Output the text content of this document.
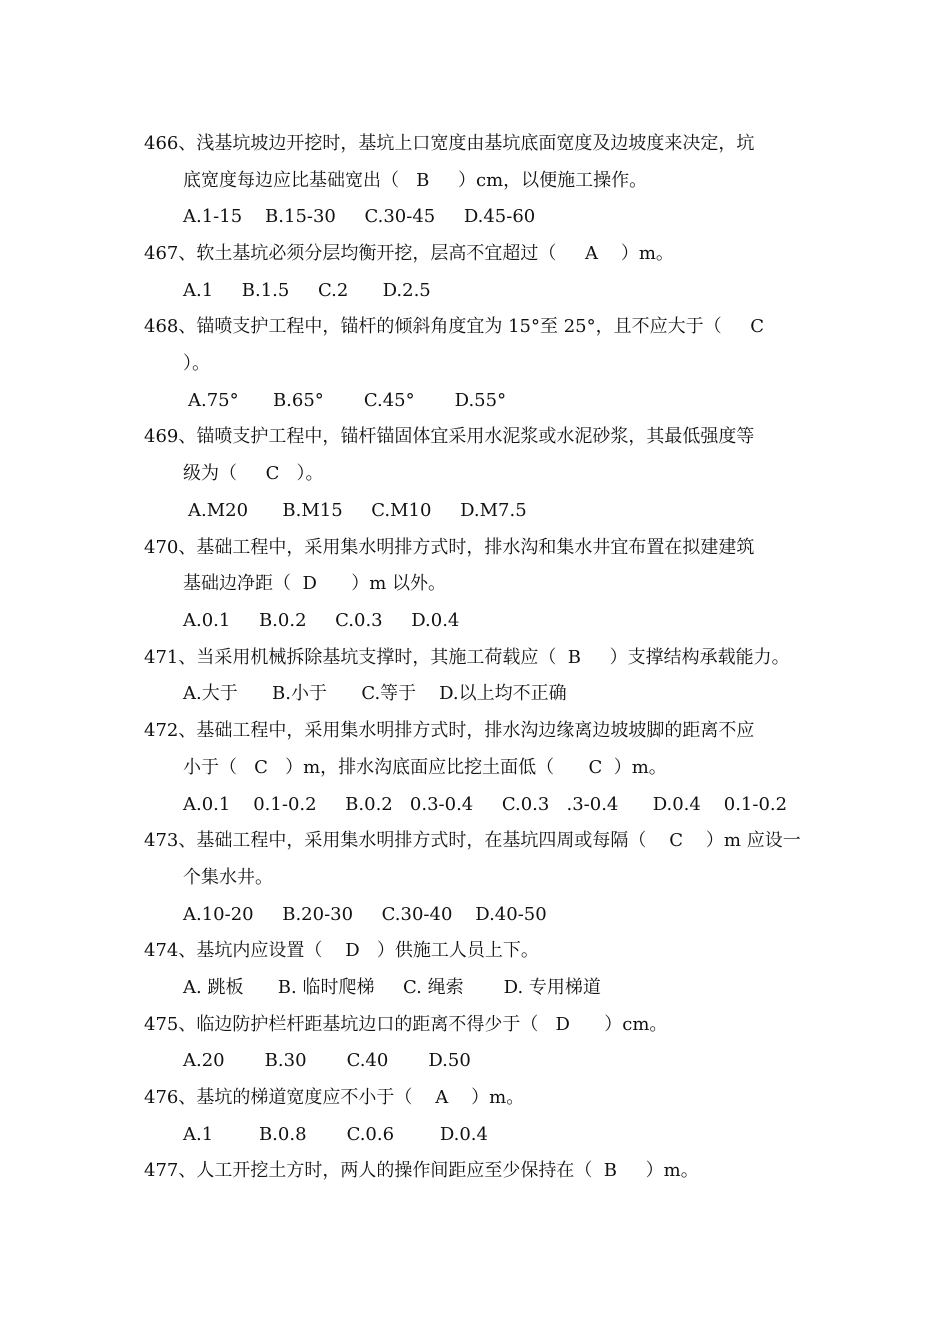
466、浅基坑坡边开挖时，基坑上口宽度由基坑底面宽度及边坡度来决定，坑
底宽度每边应比基础宽出（   B     ）cm，以便施工操作。
A.1-15    B.15-30     C.30-45     D.45-60
467、软土基坑必须分层均衡开挖，层高不宜超过（     A    ）m。
A.1     B.1.5     C.2      D.2.5
468、锚喷支护工程中，锚杆的倾斜角度宜为 15°至 25°，且不应大于（     C
）。
A.75°      B.65°       C.45°       D.55°
469、锚喷支护工程中，锚杆锚固体宜采用水泥浆或水泥砂浆，其最低强度等
级为（     C   ）。
A.M20      B.M15     C.M10     D.M7.5
470、基础工程中，采用集水明排方式时，排水沟和集水井宜布置在拟建建筑
基础边净距（  D      ）m 以外。
A.0.1     B.0.2     C.0.3     D.0.4
471、当采用机械拆除基坑支撑时，其施工荷载应（  B     ）支撑结构承载能力。
A.大于      B.小于      C.等于    D.以上均不正确
472、基础工程中，采用集水明排方式时，排水沟边缘离边坡坡脚的距离不应
小于（   C   ）m，排水沟底面应比挖土面低（      C  ）m。
A.0.1    0.1-0.2     B.0.2   0.3-0.4     C.0.3   .3-0.4      D.0.4    0.1-0.2
473、基础工程中，采用集水明排方式时，在基坑四周或每隔（    C    ）m 应设一
个集水井。
A.10-20     B.20-30     C.30-40    D.40-50
474、基坑内应设置（    D   ）供施工人员上下。
A. 跳板      B. 临时爬梯     C. 绳索       D. 专用梯道
475、临边防护栏杆距基坑边口的距离不得少于（   D      ）cm。
A.20       B.30       C.40       D.50
476、基坑的梯道宽度应不小于（    A    ）m。
A.1        B.0.8       C.0.6        D.0.4
477、人工开挖土方时，两人的操作间距应至少保持在（  B     ）m。
